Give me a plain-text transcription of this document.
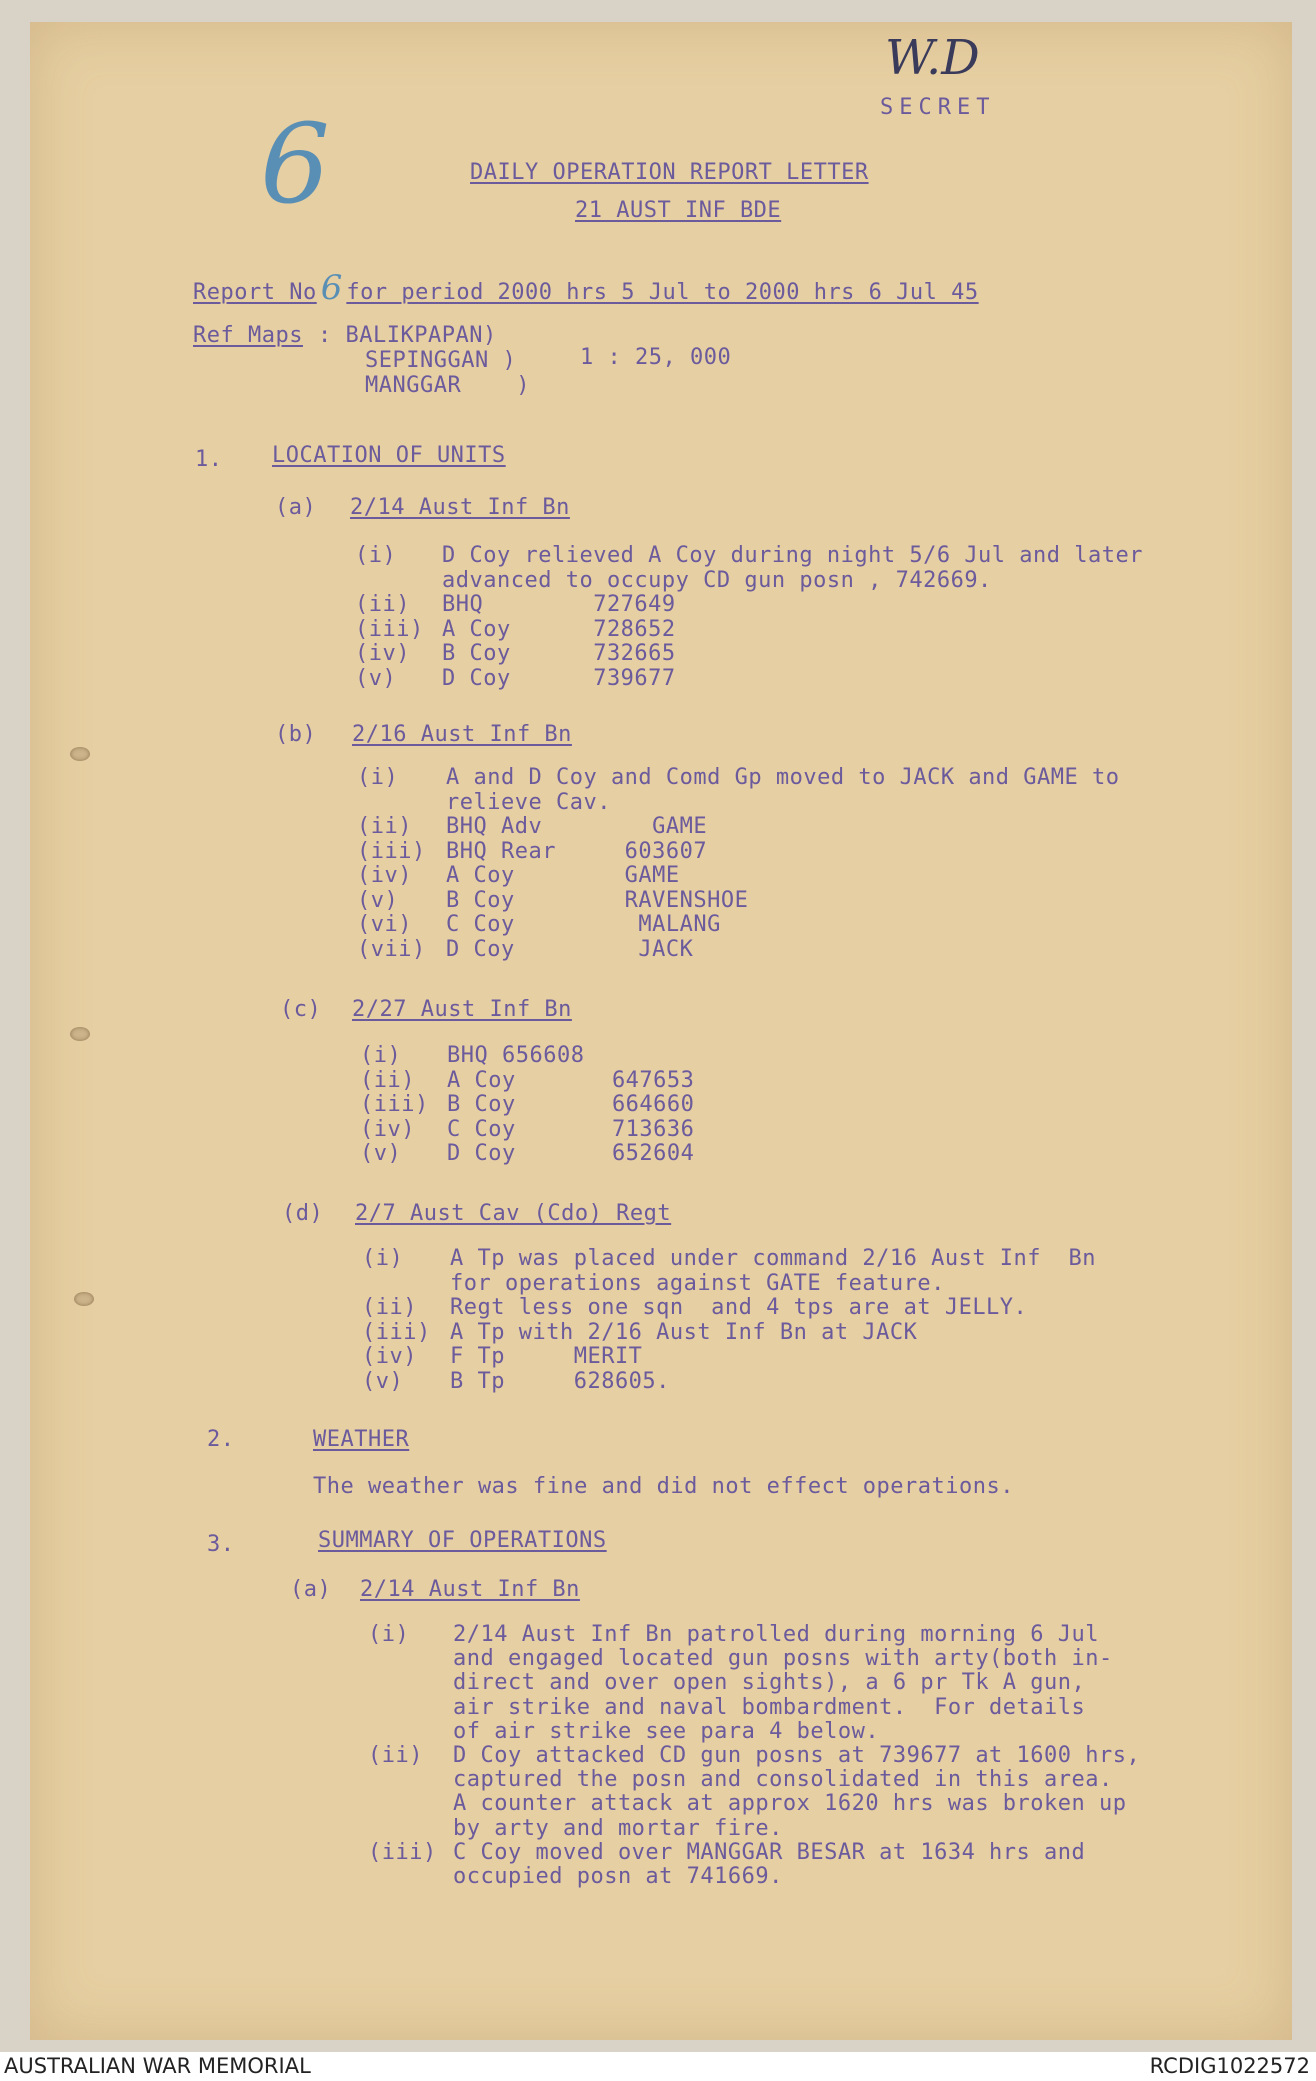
W.D
6	SECRET
DAILY OPERATION REPORT LETTER
21 AUST INF BDE
Report No 6 for period 2000 hrs 5 Jul to 2000 hrs 6 Jul 45
Ref Maps : BALIKPAPAN)
SEPINGGAN )
MANGGAR    )
1 : 25, 000
1. LOCATION OF UNITS
(a) 2/14 Aust Inf Bn
(b) 2/16 Aust Inf Bn
(c) 2/27 Aust Inf Bn
(d) 2/7 Aust Cav (Cdo) Regt
2.	WEATHER
The weather was fine and did not effect operations.
3.	SUMMARY OF OPERATIONS
(a) 2/14 Aust Inf Bn
AUSTRALIAN WAR MEMORIAL	RCDIG1022572
(i) D Coy relieved A Coy during night 5/6 Jul and later
advanced to occupy CD gun posn , 742669.
(ii) BHQ        727649
(iii) A Coy      728652
(iv) B Coy      732665
(v) D Coy      739677
(i) A and D Coy and Comd Gp moved to JACK and GAME to
relieve Cav.
(ii) BHQ Adv        GAME
(iii) BHQ Rear     603607
(iv) A Coy        GAME
(v) B Coy        RAVENSHOE
(vi) C Coy         MALANG
(vii) D Coy         JACK
(i) BHQ 656608
(ii) A Coy       647653
(iii) B Coy       664660
(iv) C Coy       713636
(v) D Coy       652604
(i) A Tp was placed under command 2/16 Aust Inf  Bn
for operations against GATE feature.
(ii) Regt less one sqn  and 4 tps are at JELLY.
(iii) A Tp with 2/16 Aust Inf Bn at JACK
(iv) F Tp     MERIT
(v) B Tp     628605.
(i) 2/14 Aust Inf Bn patrolled during morning 6 Jul
and engaged located gun posns with arty(both in-
direct and over open sights), a 6 pr Tk A gun,
air strike and naval bombardment.  For details
of air strike see para 4 below.
(ii) D Coy attacked CD gun posns at 739677 at 1600 hrs,
captured the posn and consolidated in this area.
A counter attack at approx 1620 hrs was broken up
by arty and mortar fire.
(iii) C Coy moved over MANGGAR BESAR at 1634 hrs and
occupied posn at 741669.
